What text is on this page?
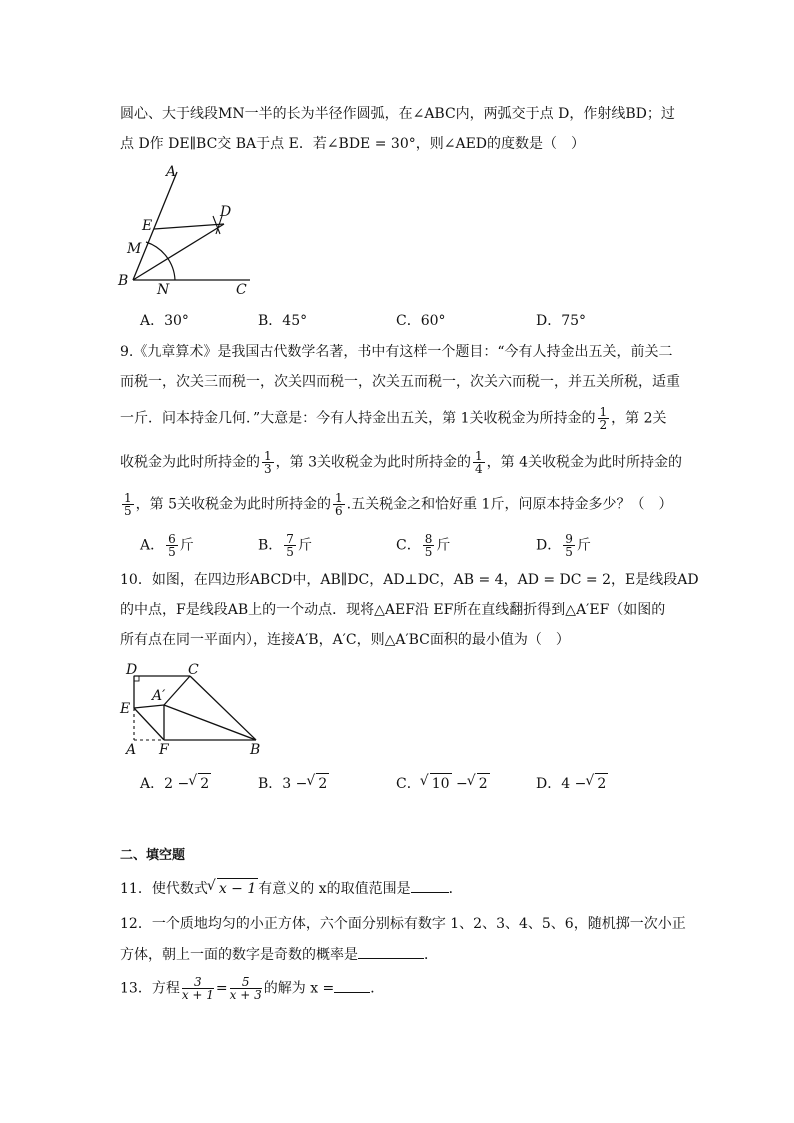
圆心、大于线段MN一半的长为半径作圆弧，在∠ABC内，两弧交于点 D，作射线BD；过
点 D作 DE∥BC交 BA于点 E．若∠BDE = 30°，则∠AED的度数是（　）
A
E
D
M
B
N	C
A．30°	B．45°	C．60°	D．75°
9.《九章算术》是我国古代数学名著，书中有这样一个题目：“今有人持金出五关，前关二
而税一，次关三而税一，次关四而税一，次关五而税一，次关六而税一，并五关所税，适重
一斤．问本持金几何．”大意是：今有人持金出五关，第 1关收税金为所持金的 $\frac{1}{2}$ ，第 2关
收税金为此时所持金的 $\frac{1}{3}$ ，第 3关收税金为此时所持金的 $\frac{1}{4}$ ，第 4关收税金为此时所持金的
$\frac{1}{5}$ ，第 5关收税金为此时所持金的 $\frac{1}{6}$ .五关税金之和恰好重 1斤，问原本持金多少？（　）
A． $\frac{6}{5}$ 斤	B． $\frac{7}{5}$ 斤	C． $\frac{8}{5}$ 斤	D． $\frac{9}{5}$ 斤
10．如图，在四边形ABCD中，AB∥DC，AD⊥DC，AB = 4，AD = DC = 2，E是线段AD
的中点，F是线段AB上的一个动点．现将△AEF沿 EF所在直线翻折得到△A′EF（如图的
所有点在同一平面内），连接A′B，A′C，则△A′BC面积的最小值为（　）
D	C
A′
E
A F	B
A．2 − √ 2	B．3 − √ 2	C． √ 10 − √ 2	D．4 − √ 2
二、填空题
11．使代数式 √ x − 1 有意义的 x的取值范围是	．
12．一个质地均匀的小正方体，六个面分别标有数字 1、2、3、4、5、6，随机掷一次小正
方体，朝上一面的数字是奇数的概率是	．
13．方程 $\frac{3}{x + 1} = \frac{5}{x + 3}$ 的解为 x =	．
